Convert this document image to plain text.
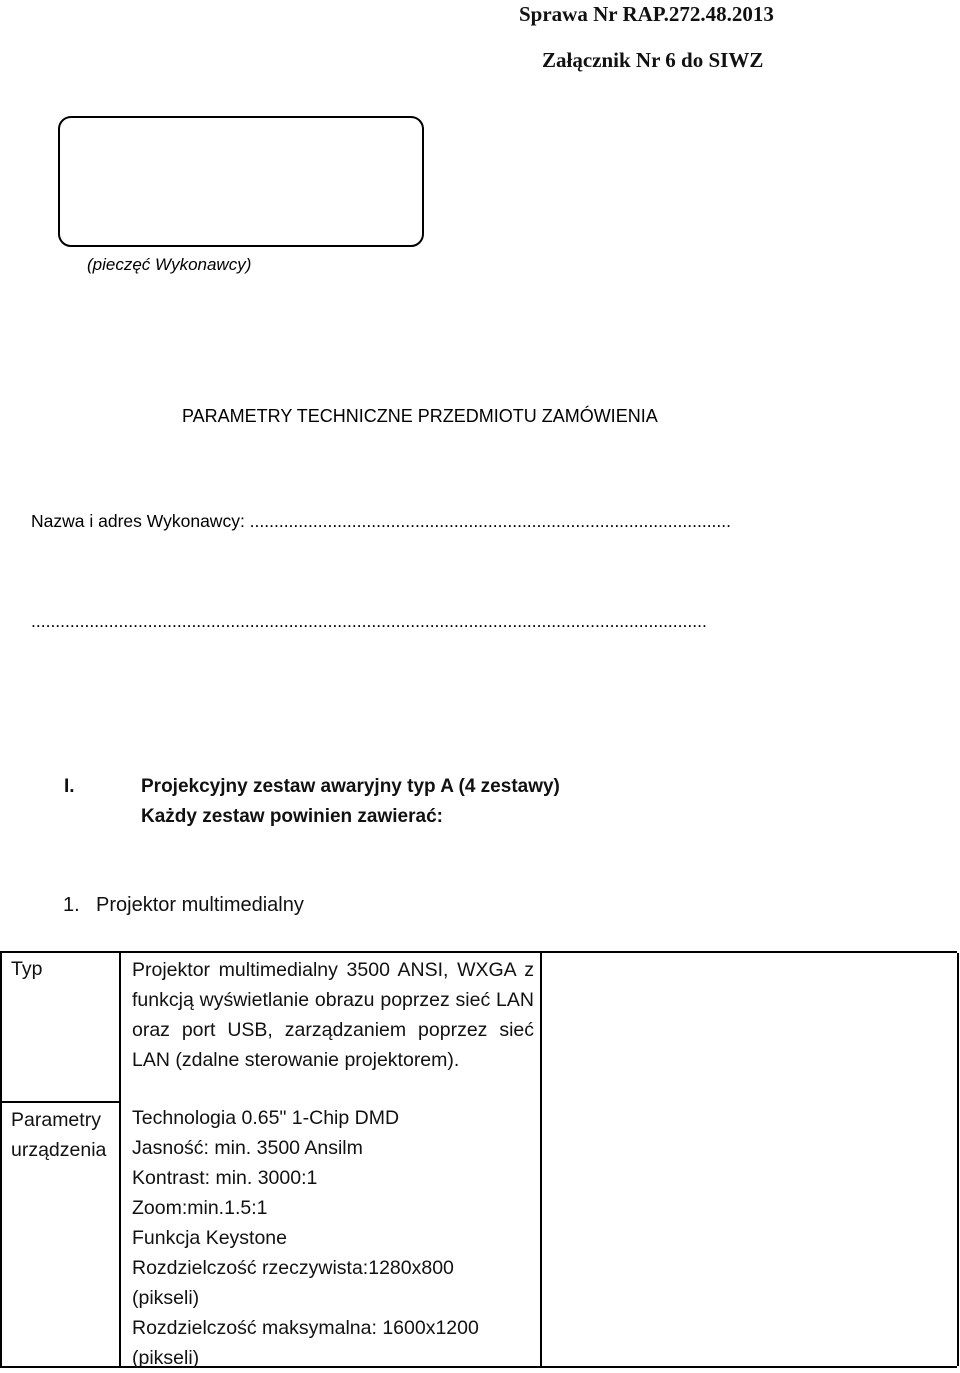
Sprawa Nr RAP.272.48.2013
Załącznik Nr 6 do SIWZ
(pieczęć Wykonawcy)
PARAMETRY TECHNICZNE PRZEDMIOTU ZAMÓWIENIA
Nazwa i adres Wykonawcy: ...................................................................................................
...........................................................................................................................................
I.	Projekcyjny zestaw awaryjny typ A (4 zestawy)
Każdy zestaw powinien zawierać:
1. Projektor multimedialny
Typ
Parametry
urządzenia
Projektor multimedialny 3500 ANSI, WXGA z funkcją wyświetlanie obrazu poprzez sieć LAN oraz port USB, zarządzaniem poprzez sieć LAN (zdalne sterowanie projektorem).
Technologia 0.65" 1-Chip DMD
Jasność: min. 3500 Ansilm
Kontrast: min. 3000:1
Zoom:min.1.5:1
Funkcja Keystone
Rozdzielczość rzeczywista:1280x800
(pikseli)
Rozdzielczość maksymalna: 1600x1200
(pikseli)
